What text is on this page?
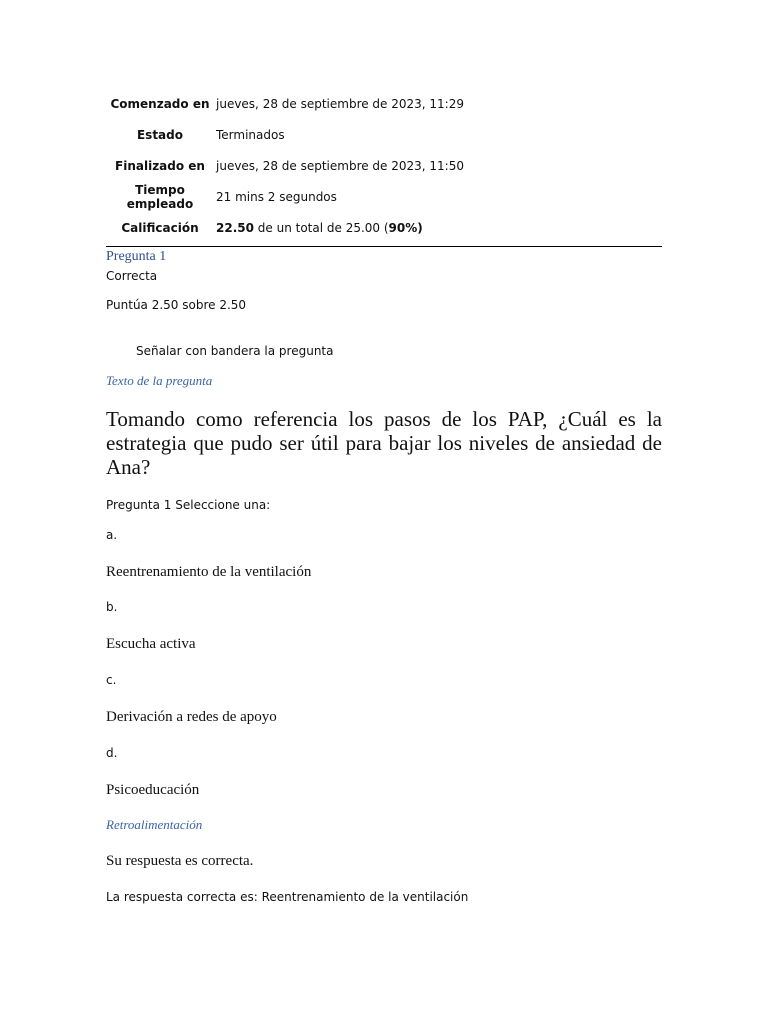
Comenzado en jueves, 28 de septiembre de 2023, 11:29
Estado	Terminados
Finalizado en jueves, 28 de septiembre de 2023, 11:50
Tiempo empleado	21 mins 2 segundos
Calificación	22.50 de un total de 25.00 (90%)
Pregunta 1
Correcta
Puntúa 2.50 sobre 2.50
Señalar con bandera la pregunta
Texto de la pregunta
Tomando como referencia los pasos de los PAP, ¿Cuál es la estrategia que pudo ser útil para bajar los niveles de ansiedad de Ana?
Pregunta 1 Seleccione una:
a.
Reentrenamiento de la ventilación
b.
Escucha activa
c.
Derivación a redes de apoyo
d.
Psicoeducación
Retroalimentación
Su respuesta es correcta.
La respuesta correcta es: Reentrenamiento de la ventilación
